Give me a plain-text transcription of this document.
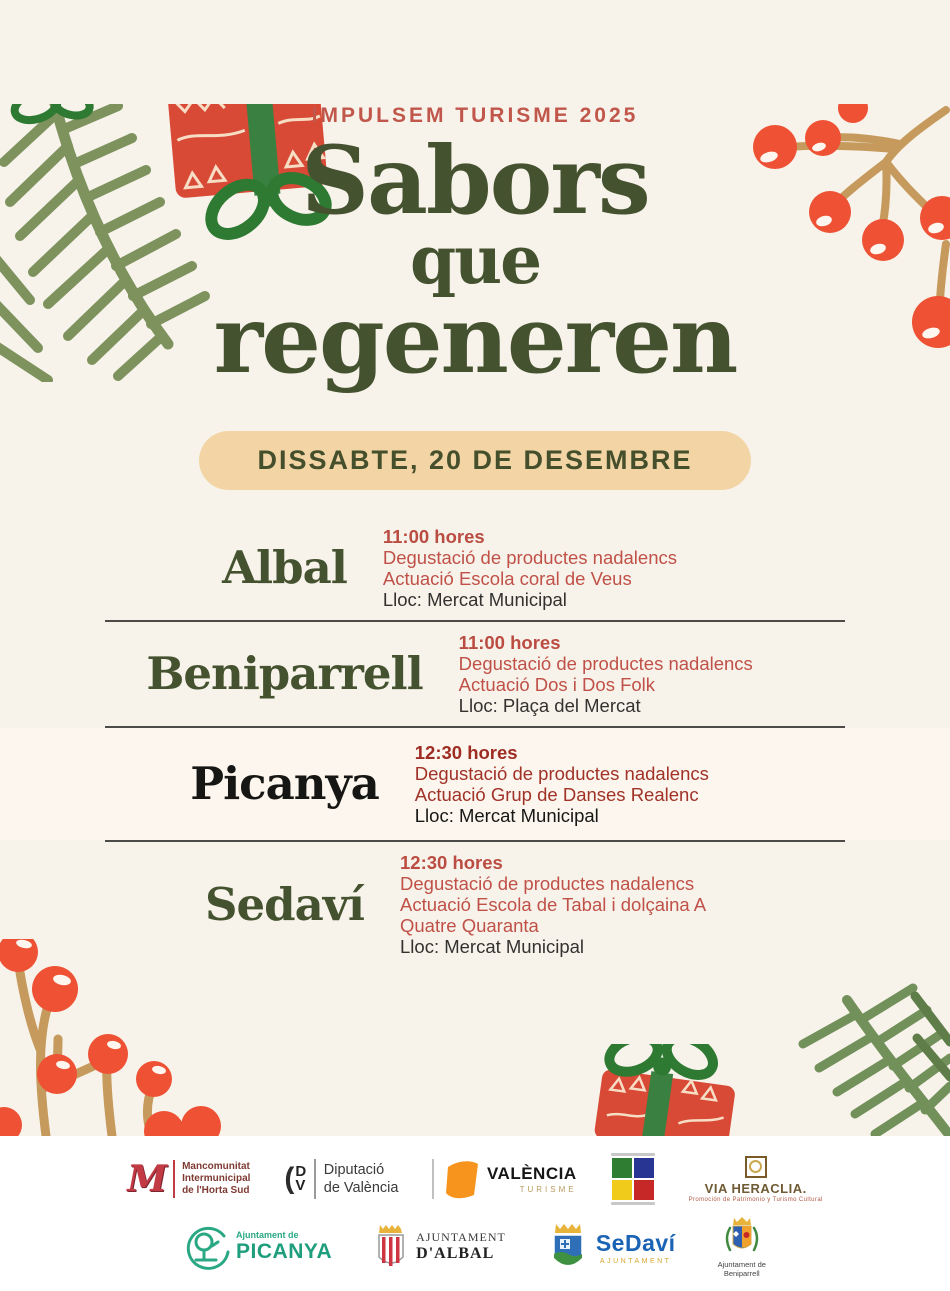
IMPULSEM TURISME 2025
Sabors
que
regeneren
DISSABTE, 20 DE DESEMBRE
Albal
11:00 hores
Degustació de productes nadalencs
Actuació Escola coral de Veus
Lloc: Mercat Municipal
Beniparrell
11:00 hores
Degustació de productes nadalencs
Actuació Dos i Dos Folk
Lloc: Plaça del Mercat
Picanya
12:30 hores
Degustació de productes nadalencs
Actuació Grup de Danses Realenc
Lloc: Mercat Municipal
Sedaví
12:30 hores
Degustació de productes nadalencs
Actuació Escola de Tabal i dolçaina A Quatre Quaranta
Lloc: Mercat Municipal
M Mancomunitat
Intermunicipal
de l'Horta Sud ( D
V
Diputació
de València
VALÈNCIA
TURISME	VIA HERACLIA.
Promoción de Patrimonio y Turismo Cultural
Ajuntament de
PICANYA
AJUNTAMENT
D'ALBAL	SeDaví
AJUNTAMENT	Ajuntament de
Beniparrell
